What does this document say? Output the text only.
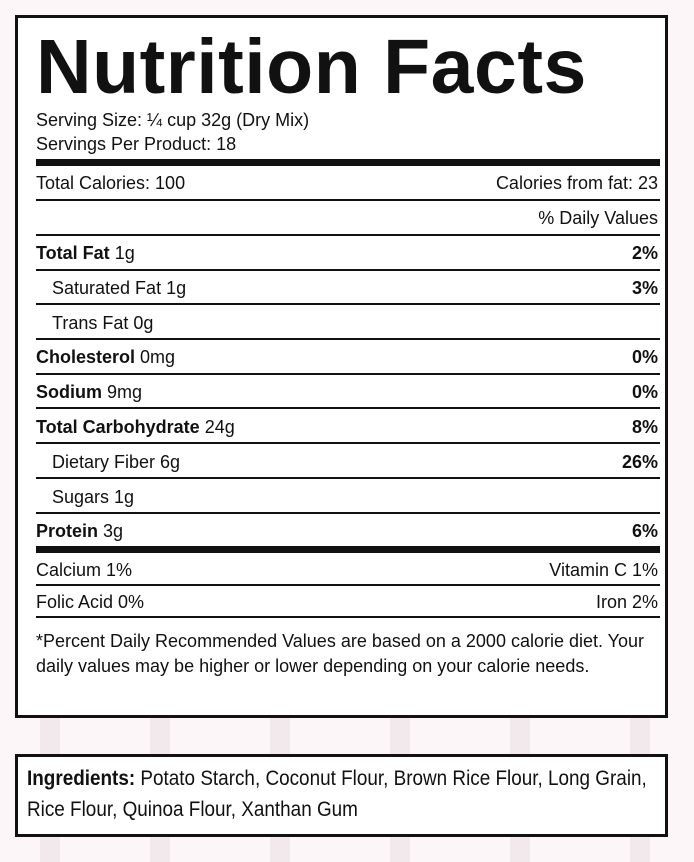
Nutrition Facts
Serving Size: ¼ cup 32g (Dry Mix)
Servings Per Product: 18
Total Calories: 100	Calories from fat: 23
% Daily Values
Total Fat 1g	2%
Saturated Fat 1g	3%
Trans Fat 0g
Cholesterol 0mg	0%
Sodium 9mg	0%
Total Carbohydrate 24g	8%
Dietary Fiber 6g	26%
Sugars 1g
Protein 3g	6%
Calcium 1%	Vitamin C 1%
Folic Acid 0%	Iron 2%

*Percent Daily Recommended Values are based on a 2000 calorie diet. Your daily values may be higher or lower depending on your calorie needs.

Ingredients: Potato Starch, Coconut Flour, Brown Rice Flour, Long Grain, Rice Flour, Quinoa Flour, Xanthan Gum
